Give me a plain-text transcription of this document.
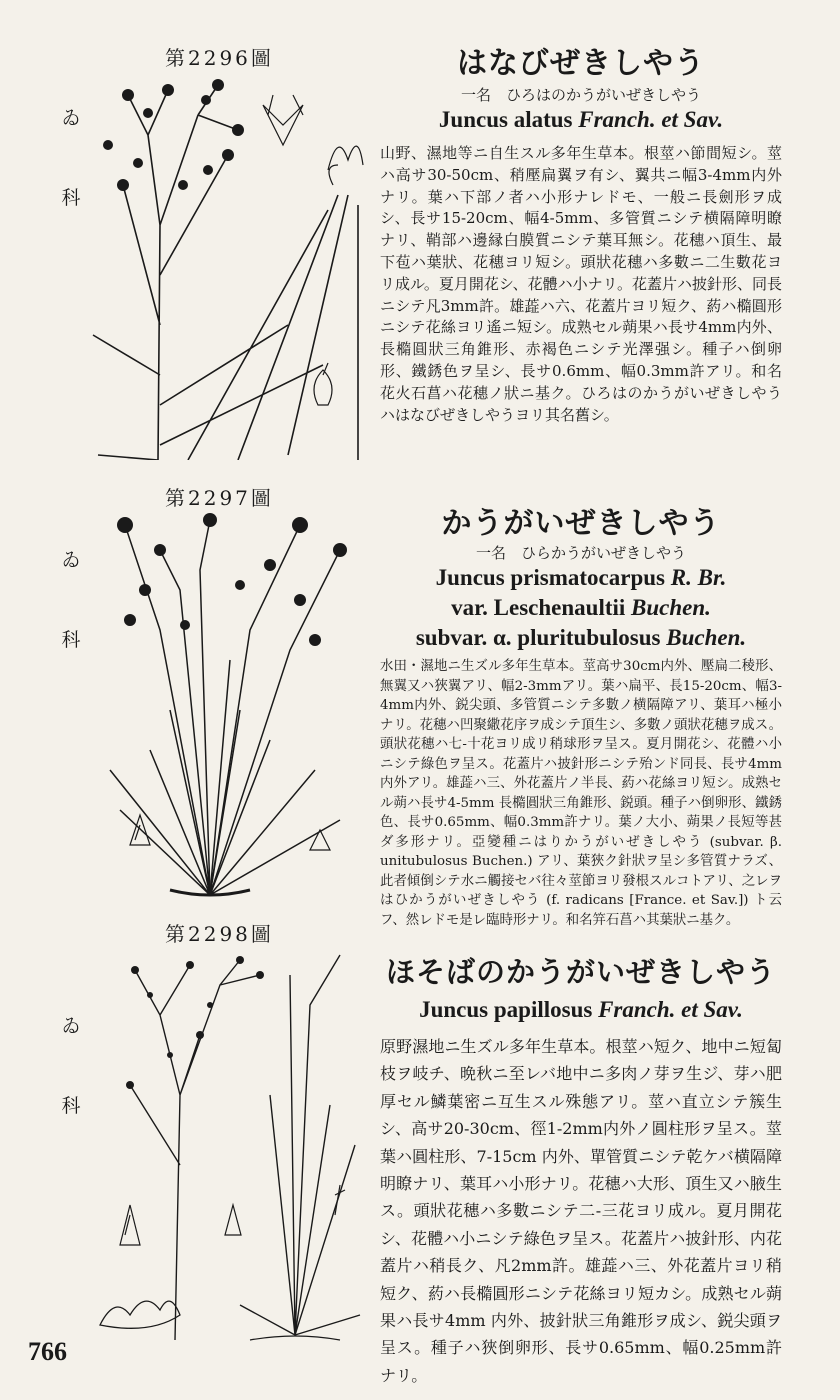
第2296圖
ゐ
科
はなびぜきしやう
一名　ひろはのかうがいぜきしやう
Juncus alatus Franch. et Sav.
山野、濕地等ニ自生スル多年生草本。根莖ハ節間短シ。莖ハ高サ30-50cm、稍壓扁翼ヲ有シ、翼共ニ幅3-4mm内外ナリ。葉ハ下部ノ者ハ小形ナレドモ、一般ニ長劍形ヲ成シ、長サ15-20cm、幅4-5mm、多管質ニシテ横隔障明瞭ナリ、鞘部ハ邊縁白膜質ニシテ葉耳無シ。花穗ハ頂生、最下苞ハ葉狀、花穗ヨリ短シ。頭狀花穗ハ多數ニ二生數花ヨリ成ル。夏月開花シ、花體ハ小ナリ。花蓋片ハ披針形、同長ニシテ凡3mm許。雄蕋ハ六、花蓋片ヨリ短ク、葯ハ橢圓形ニシテ花絲ヨリ遙ニ短シ。成熟セル蒴果ハ長サ4mm内外、長橢圓狀三角錐形、赤褐色ニシテ光澤强シ。種子ハ倒卵形、鐵銹色ヲ呈シ、長サ0.6mm、幅0.3mm許アリ。和名花火石菖ハ花穗ノ狀ニ基ク。ひろはのかうがいぜきしやうハはなびぜきしやうヨリ其名舊シ。
第2297圖
ゐ
科
かうがいぜきしやう
一名　ひらかうがいぜきしやう
Juncus prismatocarpus R. Br.
var. Leschenaultii Buchen.
subvar. α. pluritubulosus Buchen.
水田・濕地ニ生ズル多年生草本。莖高サ30cm内外、壓扁二稜形、無翼又ハ狹翼アリ、幅2-3mmアリ。葉ハ扁平、長15-20cm、幅3-4mm内外、鋭尖頭、多管質ニシテ多數ノ横隔障アリ、葉耳ハ極小ナリ。花穗ハ凹聚繖花序ヲ成シテ頂生シ、多數ノ頭狀花穗ヲ成ス。頭狀花穗ハ七-十花ヨリ成リ稍球形ヲ呈ス。夏月開花シ、花體ハ小ニシテ綠色ヲ呈ス。花蓋片ハ披針形ニシテ殆ンド同長、長サ4mm内外アリ。雄蕋ハ三、外花蓋片ノ半長、葯ハ花絲ヨリ短シ。成熟セル蒴ハ長サ4-5mm 長橢圓狀三角錐形、鋭頭。種子ハ倒卵形、鐵銹色、長サ0.65mm、幅0.3mm許ナリ。葉ノ大小、蒴果ノ長短等甚ダ多形ナリ。亞變種ニはりかうがいぜきしやう (subvar. β. unitubulosus Buchen.) アリ、葉狹ク針狀ヲ呈シ多管質ナラズ、此者傾倒シテ水ニ觸接セバ往々莖節ヨリ發根スルコトアリ、之レヲはひかうがいぜきしやう (f. radicans [France. et Sav.]) ト云フ、然レドモ是レ臨時形ナリ。和名笄石菖ハ其葉狀ニ基ク。
第2298圖
ゐ
科
ほそばのかうがいぜきしやう
Juncus papillosus Franch. et Sav.
原野濕地ニ生ズル多年生草本。根莖ハ短ク、地中ニ短匐枝ヲ岐チ、晩秋ニ至レバ地中ニ多肉ノ芽ヲ生ジ、芽ハ肥厚セル鱗葉密ニ互生スル殊態アリ。莖ハ直立シテ簇生シ、高サ20-30cm、徑1-2mm内外ノ圓柱形ヲ呈ス。莖葉ハ圓柱形、7-15cm 内外、單管質ニシテ乾ケバ横隔障明瞭ナリ、葉耳ハ小形ナリ。花穗ハ大形、頂生又ハ腋生ス。頭狀花穗ハ多數ニシテ二-三花ヨリ成ル。夏月開花シ、花體ハ小ニシテ綠色ヲ呈ス。花蓋片ハ披針形、内花蓋片ハ稍長ク、凡2mm許。雄蕋ハ三、外花蓋片ヨリ稍短ク、葯ハ長橢圓形ニシテ花絲ヨリ短カシ。成熟セル蒴果ハ長サ4mm 内外、披針狀三角錐形ヲ成シ、鋭尖頭ヲ呈ス。種子ハ狹倒卵形、長サ0.65mm、幅0.25mm許ナリ。
766
